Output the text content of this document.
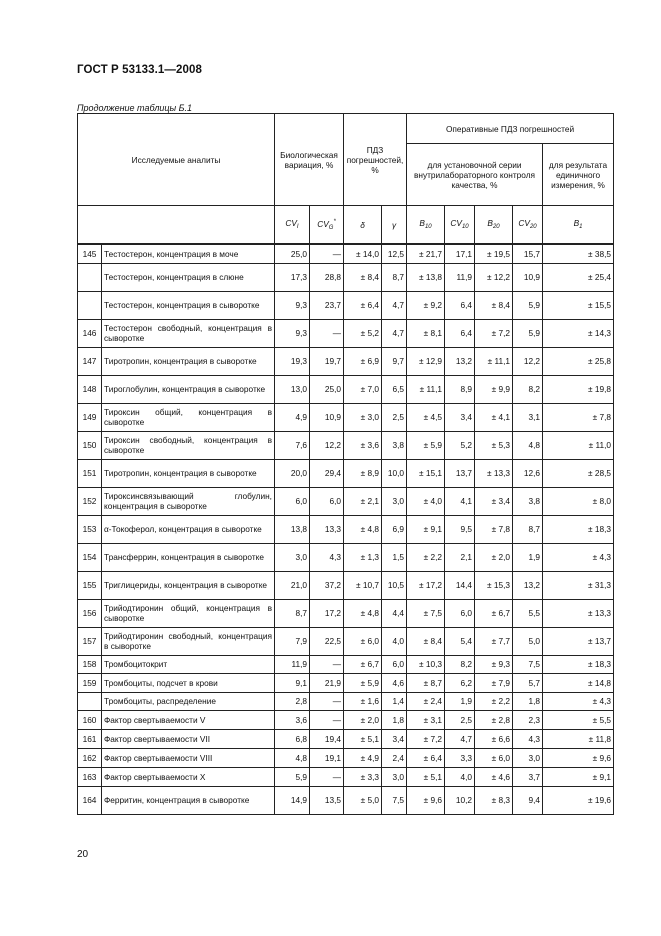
ГОСТ Р 53133.1—2008
Продолжение таблицы Б.1
Исследуемые аналиты		Биологическая вариация, %		ПДЗ погрешностей, %		Оперативные ПДЗ погрешностей				
						для установочной серии внутрилабораторного контроля качества, %				для результата единичного измерения, %
		$CV_I$	$CV_G^*$	δ	γ	$B_{10}$	$CV_{10}$	$B_{20}$	$CV_{20}$	$B_1$
145	Тестостерон, концентрация в моче	25,0	—	± 14,0	12,5	± 21,7	17,1	± 19,5	15,7	± 38,5
	Тестостерон, концентрация в слюне	17,3	28,8	± 8,4	8,7	± 13,8	11,9	± 12,2	10,9	± 25,4
	Тестостерон, концентрация в сыворотке	9,3	23,7	± 6,4	4,7	± 9,2	6,4	± 8,4	5,9	± 15,5
146	Тестостерон свободный, концентрация в сыворотке	9,3	—	± 5,2	4,7	± 8,1	6,4	± 7,2	5,9	± 14,3
147	Тиротропин, концентрация в сыворотке	19,3	19,7	± 6,9	9,7	± 12,9	13,2	± 11,1	12,2	± 25,8
148	Тироглобулин, концентрация в сыворотке	13,0	25,0	± 7,0	6,5	± 11,1	8,9	± 9,9	8,2	± 19,8
149	Тироксин общий, концентрация в сыворотке	4,9	10,9	± 3,0	2,5	± 4,5	3,4	± 4,1	3,1	± 7,8
150	Тироксин свободный, концентрация в сыворотке	7,6	12,2	± 3,6	3,8	± 5,9	5,2	± 5,3	4,8	± 11,0
151	Тиротропин, концентрация в сыворотке	20,0	29,4	± 8,9	10,0	± 15,1	13,7	± 13,3	12,6	± 28,5
152	Тироксинсвязывающий глобулин, концентрация в сыворотке	6,0	6,0	± 2,1	3,0	± 4,0	4,1	± 3,4	3,8	± 8,0
153	α-Токоферол, концентрация в сыворотке	13,8	13,3	± 4,8	6,9	± 9,1	9,5	± 7,8	8,7	± 18,3
154	Трансферрин, концентрация в сыворотке	3,0	4,3	± 1,3	1,5	± 2,2	2,1	± 2,0	1,9	± 4,3
155	Триглицериды, концентрация в сыворотке	21,0	37,2	± 10,7	10,5	± 17,2	14,4	± 15,3	13,2	± 31,3
156	Трийодтиронин общий, концентрация в сыворотке	8,7	17,2	± 4,8	4,4	± 7,5	6,0	± 6,7	5,5	± 13,3
157	Трийодтиронин свободный, концентрация в сыворотке	7,9	22,5	± 6,0	4,0	± 8,4	5,4	± 7,7	5,0	± 13,7
158	Тромбоцитокрит	11,9	—	± 6,7	6,0	± 10,3	8,2	± 9,3	7,5	± 18,3
159	Тромбоциты, подсчет в крови	9,1	21,9	± 5,9	4,6	± 8,7	6,2	± 7,9	5,7	± 14,8
	Тромбоциты, распределение	2,8	—	± 1,6	1,4	± 2,4	1,9	± 2,2	1,8	± 4,3
160	Фактор свертываемости V	3,6	—	± 2,0	1,8	± 3,1	2,5	± 2,8	2,3	± 5,5
161	Фактор свертываемости VII	6,8	19,4	± 5,1	3,4	± 7,2	4,7	± 6,6	4,3	± 11,8
162	Фактор свертываемости VIII	4,8	19,1	± 4,9	2,4	± 6,4	3,3	± 6,0	3,0	± 9,6
163	Фактор свертываемости X	5,9	—	± 3,3	3,0	± 5,1	4,0	± 4,6	3,7	± 9,1
164	Ферритин, концентрация в сыворотке	14,9	13,5	± 5,0	7,5	± 9,6	10,2	± 8,3	9,4	± 19,6
20
